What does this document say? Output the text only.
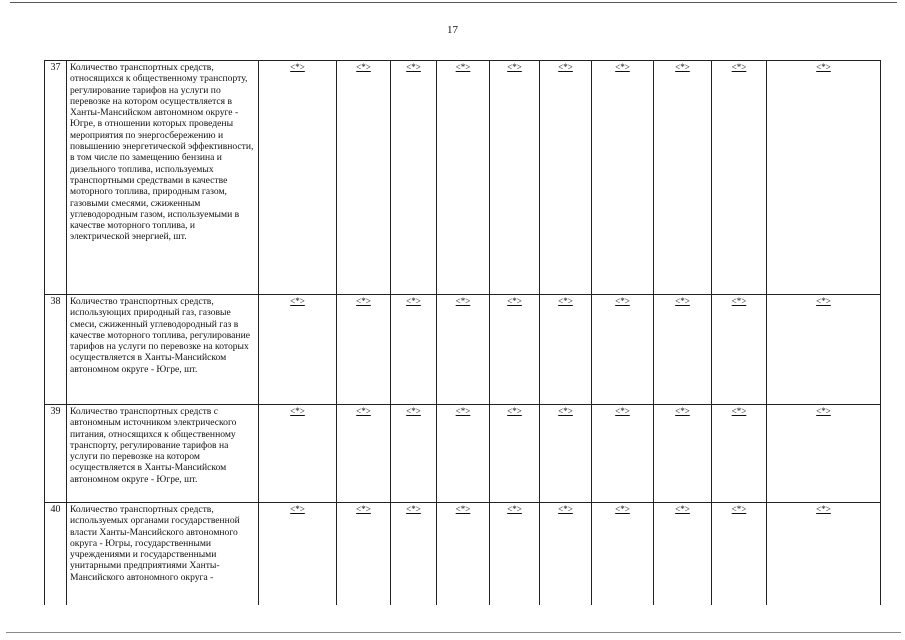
17
37	Количество транспортных средств, относящихся к общественному транспорту, регулирование тарифов на услуги по перевозке на котором осуществляется в Ханты-Мансийском автономном округе - Югре, в отношении которых проведены мероприятия по энергосбережению и повышению энергетической эффективности, в том числе по замещению бензина и дизельного топлива, используемых транспортными средствами в качестве моторного топлива, природным газом, газовыми смесями, сжиженным углеводородным газом, используемыми в качестве моторного топлива, и электрической энергией, шт.	<*>	<*>	<*>	<*>	<*>	<*>	<*>	<*>	<*>	<*>
38	Количество транспортных средств, использующих природный газ, газовые смеси, сжиженный углеводородный газ в качестве моторного топлива, регулирование тарифов на услуги по перевозке на которых осуществляется в Ханты-Мансийском автономном округе - Югре, шт.	<*>	<*>	<*>	<*>	<*>	<*>	<*>	<*>	<*>	<*>
39	Количество транспортных средств с автономным источником электрического питания, относящихся к общественному транспорту, регулирование тарифов на услуги по перевозке на котором осуществляется в Ханты-Мансийском автономном округе - Югре, шт.	<*>	<*>	<*>	<*>	<*>	<*>	<*>	<*>	<*>	<*>
40	Количество транспортных средств, используемых органами государственной власти Ханты-Мансийского автономного округа - Югры, государственными учреждениями и государственными унитарными предприятиями Ханты-Мансийского автономного округа -	<*>	<*>	<*>	<*>	<*>	<*>	<*>	<*>	<*>	<*>
